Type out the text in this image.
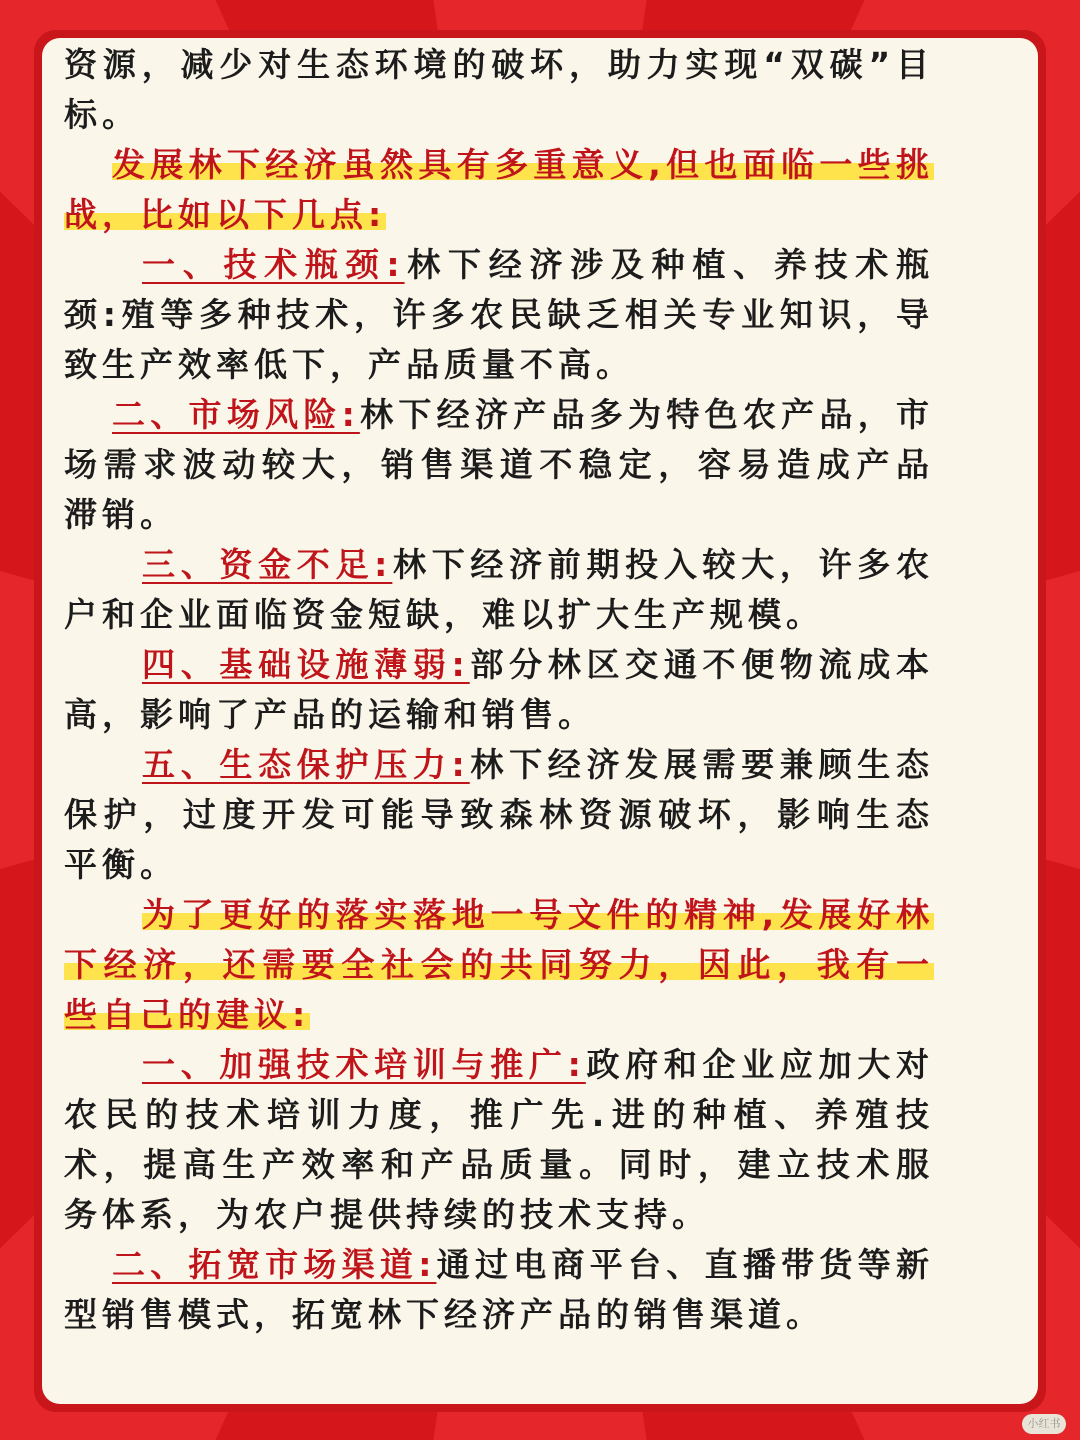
资源，减少对生态环境的破坏，助力实现“双碳”目标。

发展林下经济虽然具有多重意义,但也面临一些挑战，比如以下几点:

一、技术瓶颈:林下经济涉及种植、养技术瓶颈:殖等多种技术，许多农民缺乏相关专业知识，导致生产效率低下，产品质量不高。

二、市场风险:林下经济产品多为特色农产品，市场需求波动较大，销售渠道不稳定，容易造成产品滞销。

三、资金不足:林下经济前期投入较大，许多农户和企业面临资金短缺，难以扩大生产规模。

四、基础设施薄弱:部分林区交通不便物流成本高，影响了产品的运输和销售。

五、生态保护压力:林下经济发展需要兼顾生态保护，过度开发可能导致森林资源破坏，影响生态平衡。

为了更好的落实落地一号文件的精神,发展好林下经济，还需要全社会的共同努力，因此，我有一些自己的建议:

一、加强技术培训与推广:政府和企业应加大对农民的技术培训力度，推广先.进的种植、养殖技术，提高生产效率和产品质量。同时，建立技术服务体系，为农户提供持续的技术支持。

二、拓宽市场渠道:通过电商平台、直播带货等新型销售模式，拓宽林下经济产品的销售渠道。

小红书
